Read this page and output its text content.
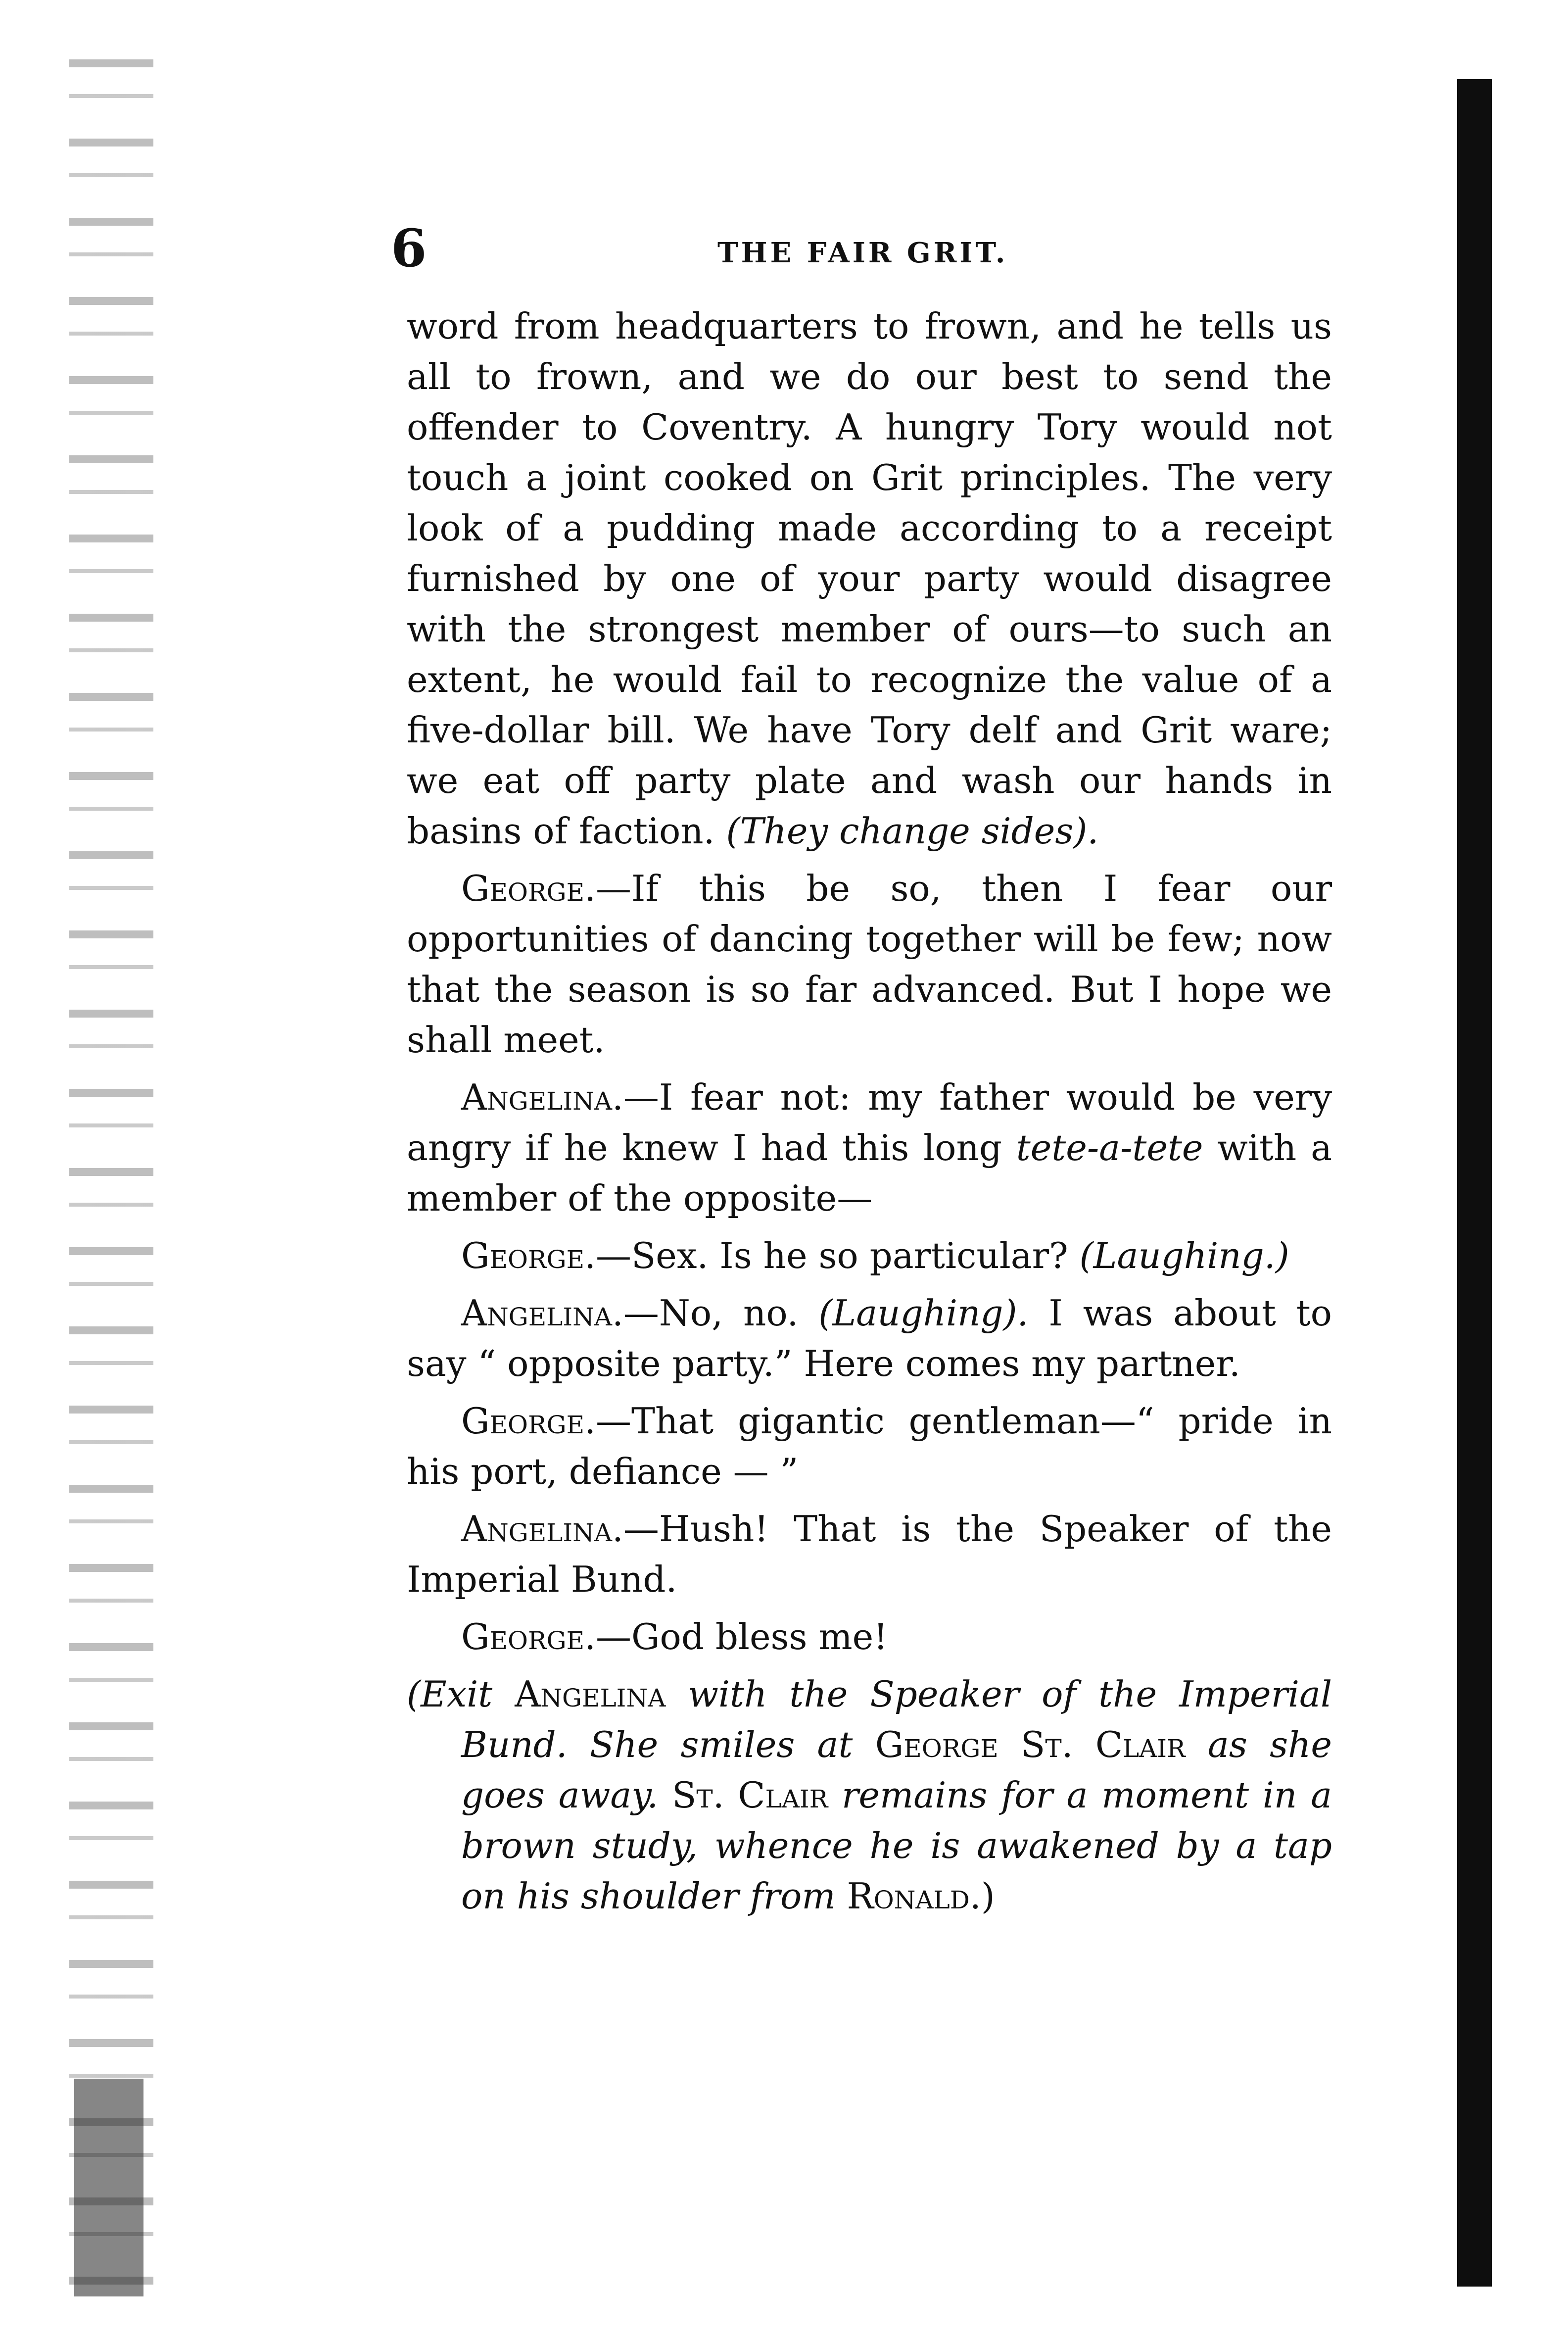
6	THE FAIR GRIT.

word from headquarters to frown, and he tells us all to frown, and we do our best to send the offender to Coventry. A hungry Tory would not touch a joint cooked on Grit principles. The very look of a pudding made according to a receipt furnished by one of your party would disagree with the strongest member of ours—to such an extent, he would fail to recognize the value of a five-dollar bill. We have Tory delf and Grit ware; we eat off party plate and wash our hands in basins of faction. (They change sides).

George.—If this be so, then I fear our opportunities of dancing together will be few; now that the season is so far advanced. But I hope we shall meet.

Angelina.—I fear not: my father would be very angry if he knew I had this long tete-a-tete with a member of the opposite—

George.—Sex. Is he so particular? (Laughing.)

Angelina.—No, no. (Laughing). I was about to say “ opposite party.” Here comes my partner.

George.—That gigantic gentleman—“ pride in his port, defiance — ”

Angelina.—Hush! That is the Speaker of the Imperial Bund.

George.—God bless me!

(Exit Angelina with the Speaker of the Imperial Bund. She smiles at George St. Clair as she goes away. St. Clair remains for a moment in a brown study, whence he is awakened by a tap on his shoulder from Ronald.)
